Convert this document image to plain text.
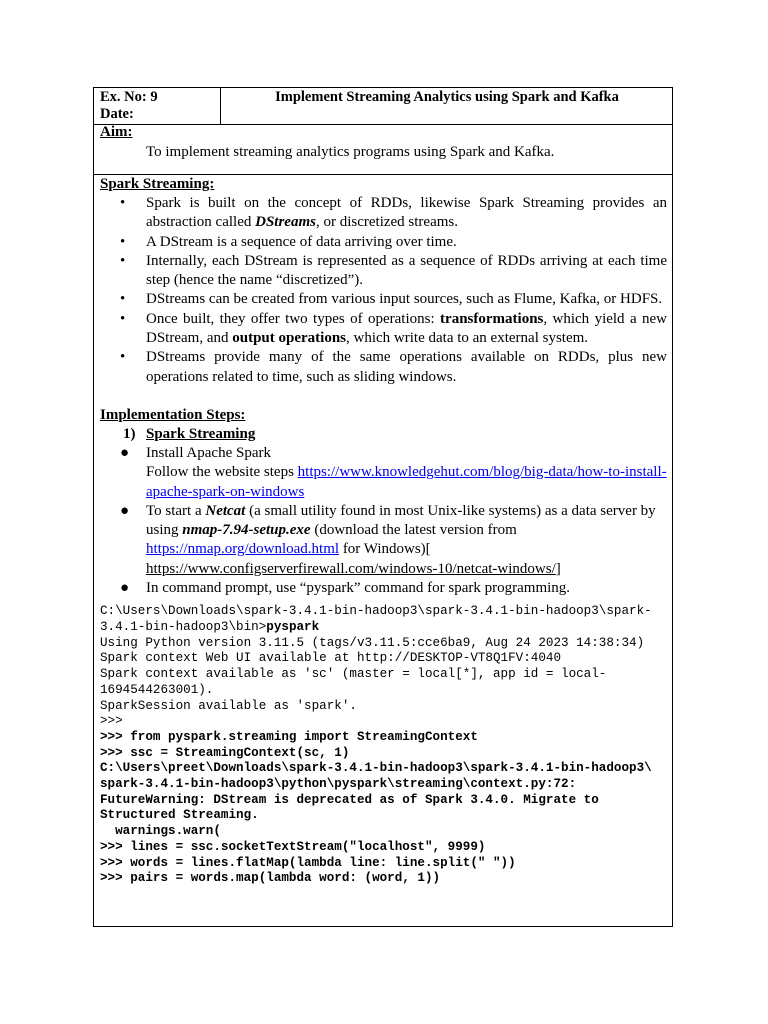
Ex. No: 9
Date:
Implement Streaming Analytics using Spark and Kafka
Aim:
To implement streaming analytics programs using Spark and Kafka.
Spark Streaming:
• Spark is built on the concept of RDDs, likewise Spark Streaming provides an abstraction called DStreams, or discretized streams.
• A DStream is a sequence of data arriving over time.
• Internally, each DStream is represented as a sequence of RDDs arriving at each time step (hence the name “discretized”).
• DStreams can be created from various input sources, such as Flume, Kafka, or HDFS.
• Once built, they offer two types of operations: transformations, which yield a new DStream, and output operations, which write data to an external system.
• DStreams provide many of the same operations available on RDDs, plus new operations related to time, such as sliding windows.
Implementation Steps:
1) Spark Streaming
● Install Apache Spark
Follow the website steps https://www.knowledgehut.com/blog/big-data/how-to-install-apache-spark-on-windows
● To start a Netcat (a small utility found in most Unix-like systems) as a data server by using nmap-7.94-setup.exe (download the latest version from https://nmap.org/download.html for Windows)[
https://www.configserverfirewall.com/windows-10/netcat-windows/]
● In command prompt, use “pyspark” command for spark programming.
C:\Users\Downloads\spark-3.4.1-bin-hadoop3\spark-3.4.1-bin-hadoop3\spark-
3.4.1-bin-hadoop3\bin>pyspark
Using Python version 3.11.5 (tags/v3.11.5:cce6ba9, Aug 24 2023 14:38:34)
Spark context Web UI available at http://DESKTOP-VT8Q1FV:4040
Spark context available as 'sc' (master = local[*], app id = local-
1694544263001).
SparkSession available as 'spark'.
>>>
>>> from pyspark.streaming import StreamingContext
>>> ssc = StreamingContext(sc, 1)
C:\Users\preet\Downloads\spark-3.4.1-bin-hadoop3\spark-3.4.1-bin-hadoop3\
spark-3.4.1-bin-hadoop3\python\pyspark\streaming\context.py:72:
FutureWarning: DStream is deprecated as of Spark 3.4.0. Migrate to
Structured Streaming.
warnings.warn(
>>> lines = ssc.socketTextStream("localhost", 9999)
>>> words = lines.flatMap(lambda line: line.split(" "))
>>> pairs = words.map(lambda word: (word, 1))
